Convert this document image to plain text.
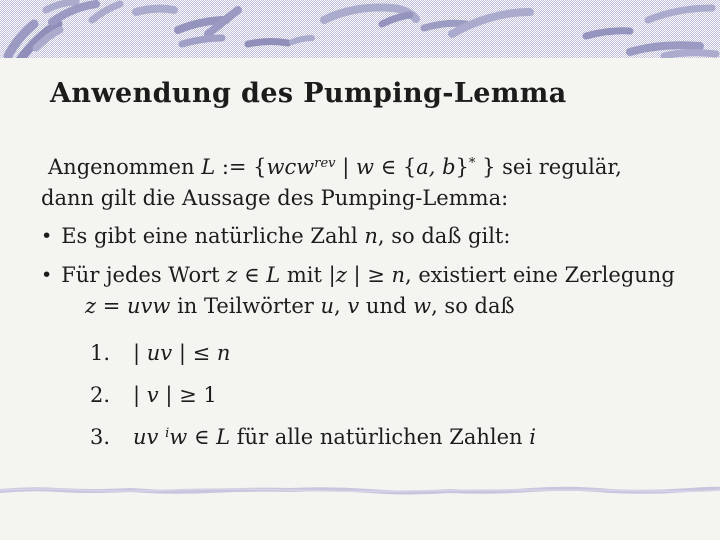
Anwendung des Pumping-Lemma
Angenommen L := {wcw$^{rev}$ | w ∈ {a, b}* } sei regulär,
dann gilt die Aussage des Pumping-Lemma:
• Es gibt eine natürliche Zahl n, so daß gilt:
• Für jedes Wort z ∈ L mit |z | ≥ n, existiert eine Zerlegung
z = uvw in Teilwörter u, v und w, so daß
1. | uv | ≤ n
2. | v | ≥ 1
3. uv $^i$w ∈ L für alle natürlichen Zahlen i
